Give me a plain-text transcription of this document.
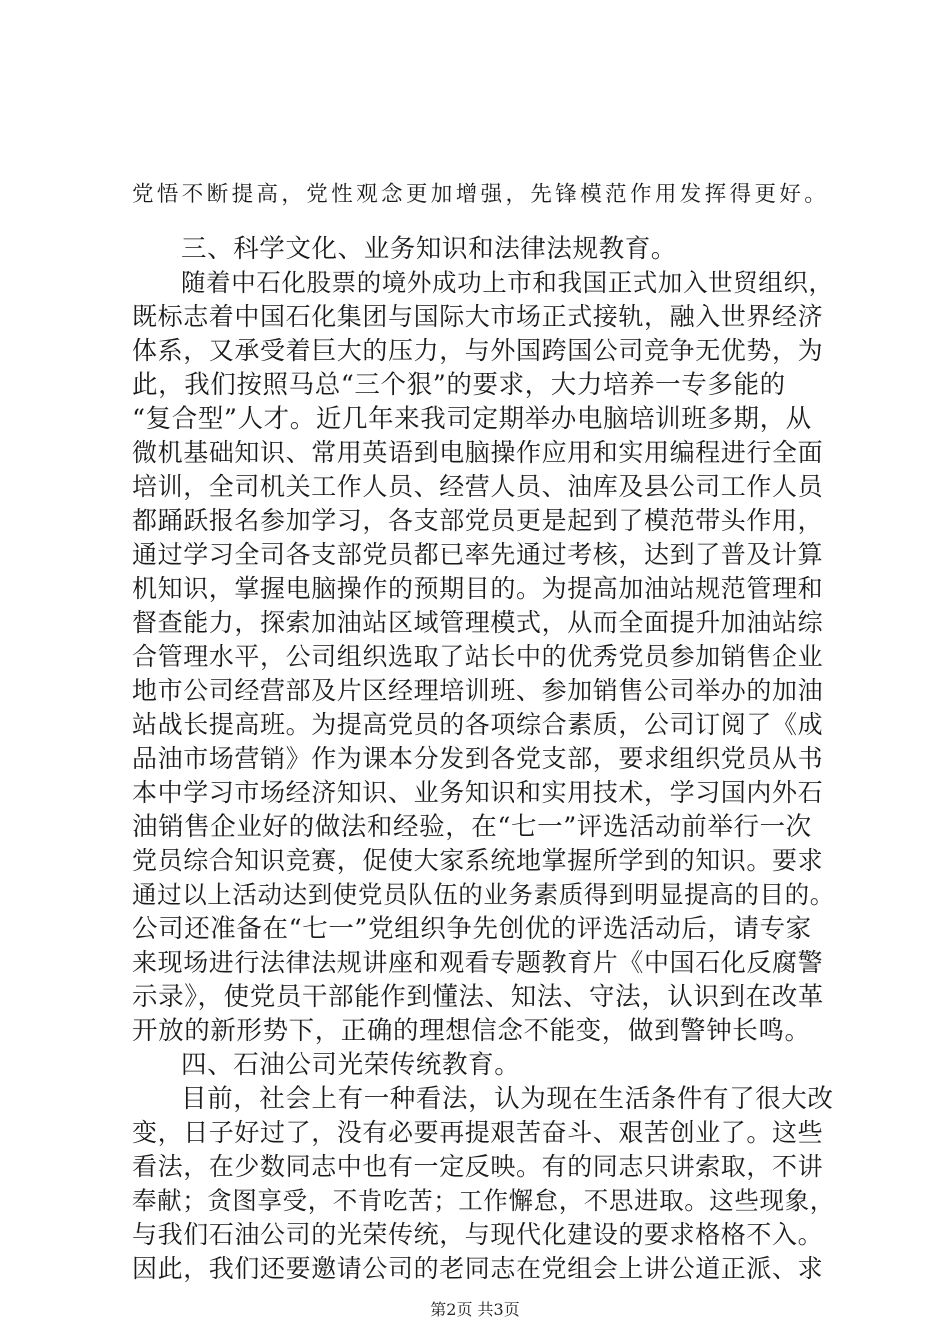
党悟不断提高，党性观念更加增强，先锋模范作用发挥得更好。
三、科学文化、业务知识和法律法规教育。
随着中石化股票的境外成功上市和我国正式加入世贸组织，
既标志着中国石化集团与国际大市场正式接轨，融入世界经济
体系，又承受着巨大的压力，与外国跨国公司竞争无优势，为
此，我们按照马总“三个狠”的要求，大力培养一专多能的
“复合型”人才。近几年来我司定期举办电脑培训班多期，从
微机基础知识、常用英语到电脑操作应用和实用编程进行全面
培训，全司机关工作人员、经营人员、油库及县公司工作人员
都踊跃报名参加学习，各支部党员更是起到了模范带头作用，
通过学习全司各支部党员都已率先通过考核，达到了普及计算
机知识，掌握电脑操作的预期目的。为提高加油站规范管理和
督查能力，探索加油站区域管理模式，从而全面提升加油站综
合管理水平，公司组织选取了站长中的优秀党员参加销售企业
地市公司经营部及片区经理培训班、参加销售公司举办的加油
站战长提高班。为提高党员的各项综合素质，公司订阅了《成
品油市场营销》作为课本分发到各党支部，要求组织党员从书
本中学习市场经济知识、业务知识和实用技术，学习国内外石
油销售企业好的做法和经验，在“七一”评选活动前举行一次
党员综合知识竞赛，促使大家系统地掌握所学到的知识。要求
通过以上活动达到使党员队伍的业务素质得到明显提高的目的。
公司还准备在“七一”党组织争先创优的评选活动后，请专家
来现场进行法律法规讲座和观看专题教育片《中国石化反腐警
示录》，使党员干部能作到懂法、知法、守法，认识到在改革
开放的新形势下，正确的理想信念不能变，做到警钟长鸣。
四、石油公司光荣传统教育。
目前，社会上有一种看法，认为现在生活条件有了很大改
变，日子好过了，没有必要再提艰苦奋斗、艰苦创业了。这些
看法，在少数同志中也有一定反映。有的同志只讲索取，不讲
奉献；贪图享受，不肯吃苦；工作懈怠，不思进取。这些现象，
与我们石油公司的光荣传统，与现代化建设的要求格格不入。
因此，我们还要邀请公司的老同志在党组会上讲公道正派、求
第2页 共3页
